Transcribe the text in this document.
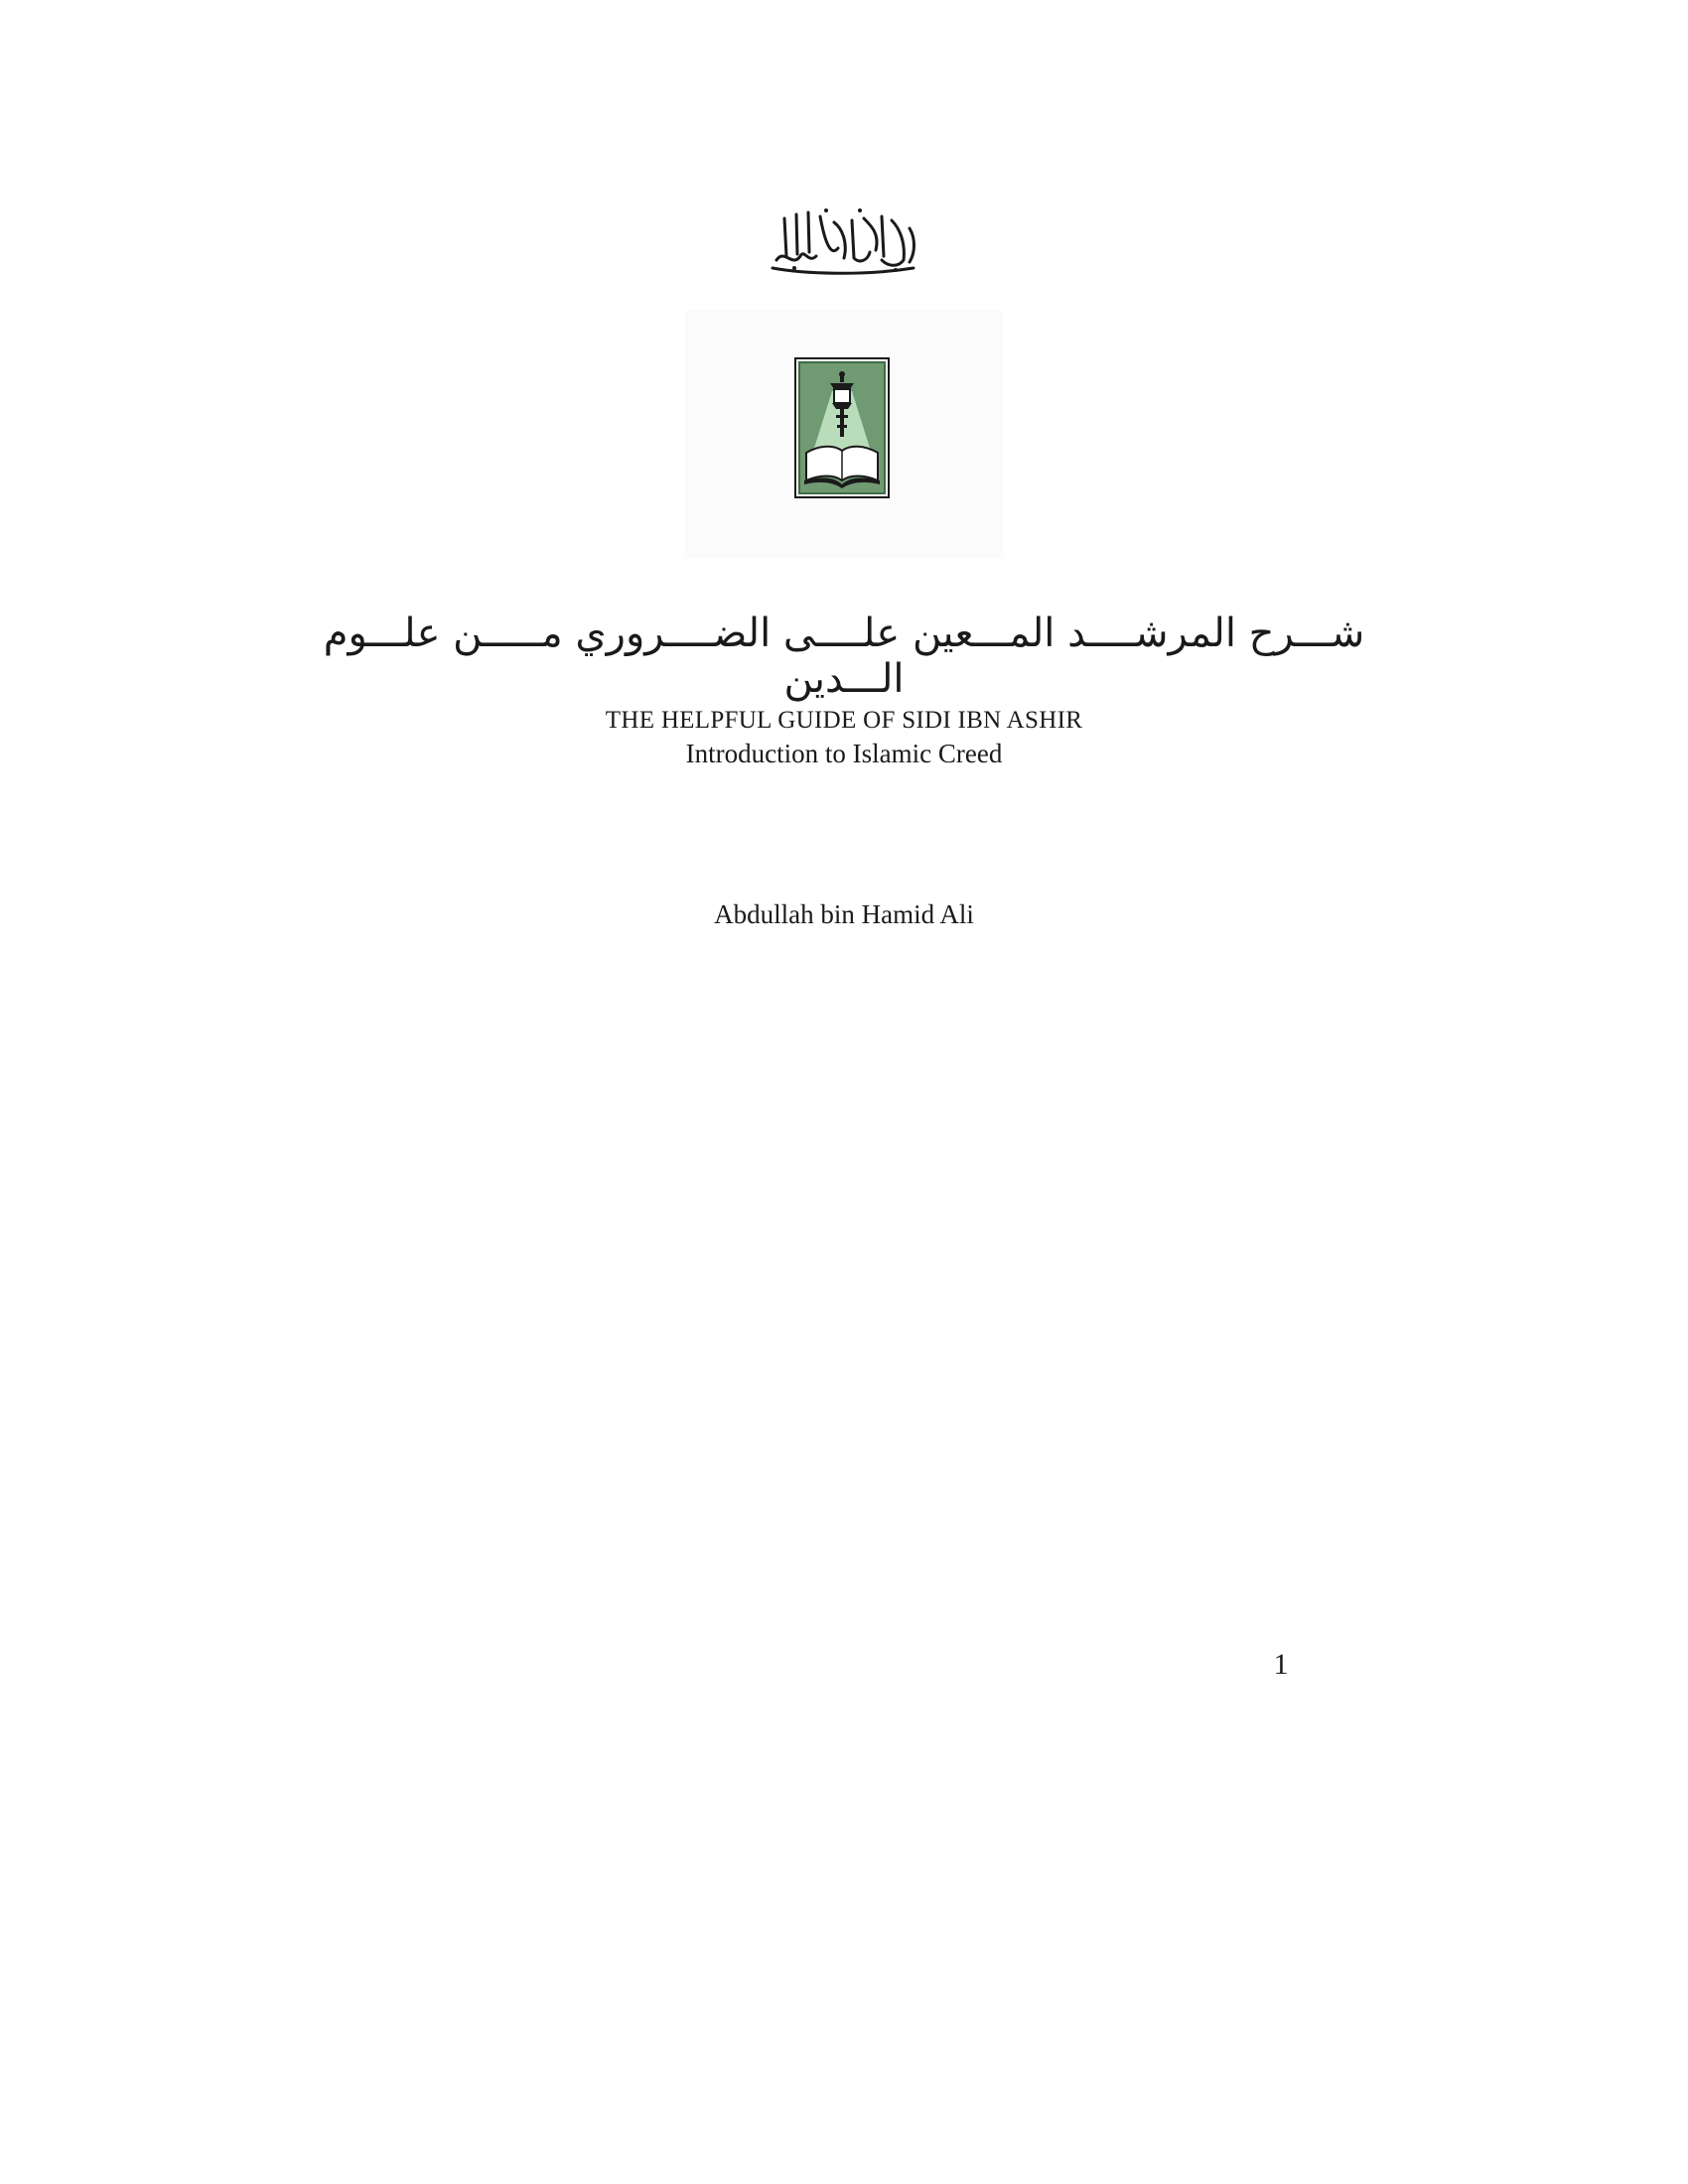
شـــرح المرشــــد المـــعين علــــى الضــــروري مـــــن علـــوم الـــدين
THE HELPFUL GUIDE OF SIDI IBN ASHIR
Introduction to Islamic Creed
Abdullah bin Hamid Ali
1
